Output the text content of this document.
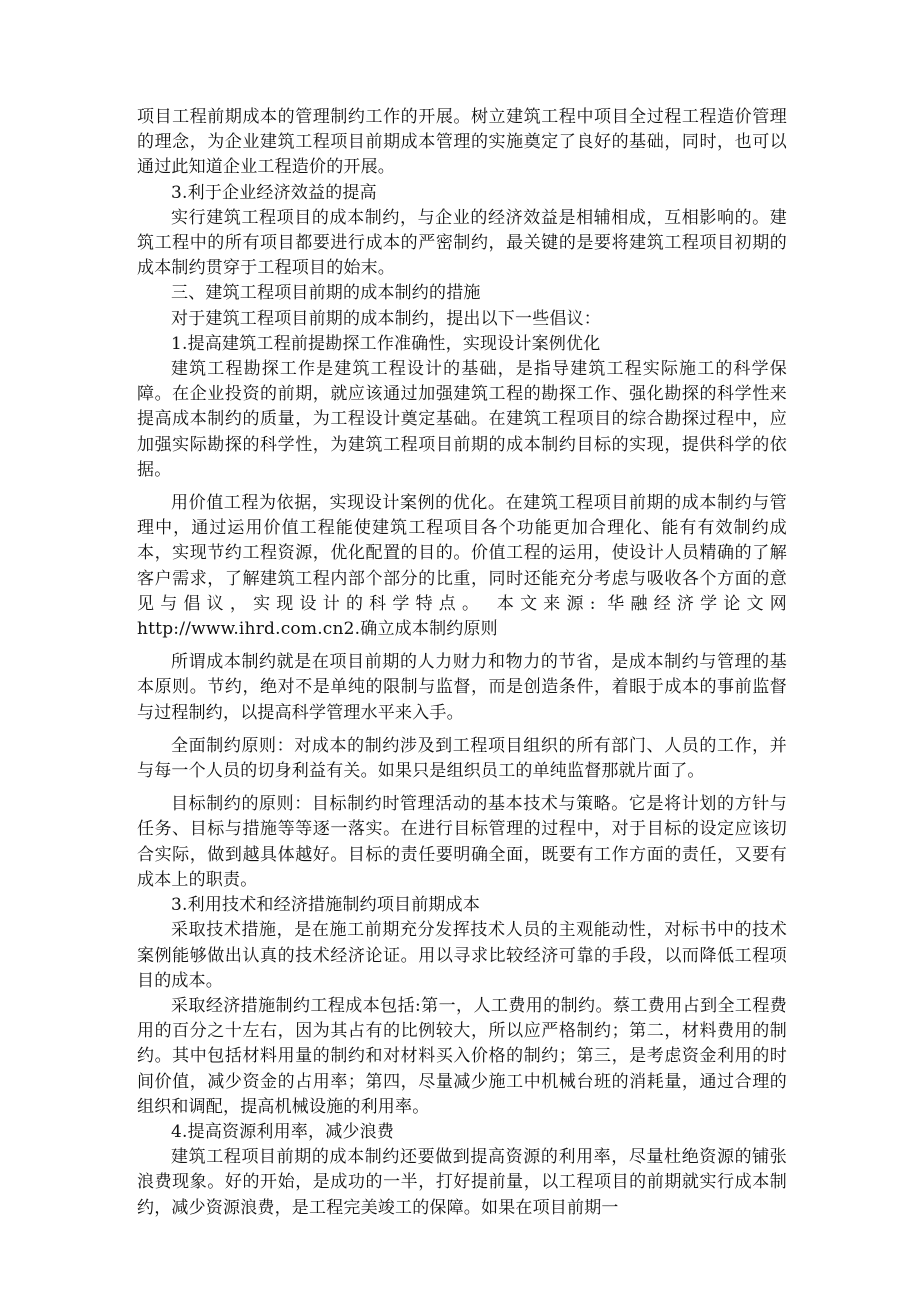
项目工程前期成本的管理制约工作的开展。树立建筑工程中项目全过程工程造价管理的理念，为企业建筑工程项目前期成本管理的实施奠定了良好的基础，同时，也可以通过此知道企业工程造价的开展。

3.利于企业经济效益的提高

实行建筑工程项目的成本制约，与企业的经济效益是相辅相成，互相影响的。建筑工程中的所有项目都要进行成本的严密制约，最关键的是要将建筑工程项目初期的成本制约贯穿于工程项目的始末。

三、建筑工程项目前期的成本制约的措施

对于建筑工程项目前期的成本制约，提出以下一些倡议：

1.提高建筑工程前提勘探工作准确性，实现设计案例优化

建筑工程勘探工作是建筑工程设计的基础，是指导建筑工程实际施工的科学保障。在企业投资的前期，就应该通过加强建筑工程的勘探工作、强化勘探的科学性来提高成本制约的质量，为工程设计奠定基础。在建筑工程项目的综合勘探过程中，应加强实际勘探的科学性，为建筑工程项目前期的成本制约目标的实现，提供科学的依据。

用价值工程为依据，实现设计案例的优化。在建筑工程项目前期的成本制约与管理中，通过运用价值工程能使建筑工程项目各个功能更加合理化、能有有效制约成本，实现节约工程资源，优化配置的目的。价值工程的运用，使设计人员精确的了解客户需求，了解建筑工程内部个部分的比重，同时还能充分考虑与吸收各个方面的意见与倡议，实现设计的科学特点。 本文来源: 华融经济学论文网 http://www.ihrd.com.cn2.确立成本制约原则

所谓成本制约就是在项目前期的人力财力和物力的节省，是成本制约与管理的基本原则。节约，绝对不是单纯的限制与监督，而是创造条件，着眼于成本的事前监督与过程制约，以提高科学管理水平来入手。

全面制约原则：对成本的制约涉及到工程项目组织的所有部门、人员的工作，并与每一个人员的切身利益有关。如果只是组织员工的单纯监督那就片面了。

目标制约的原则：目标制约时管理活动的基本技术与策略。它是将计划的方针与任务、目标与措施等等逐一落实。在进行目标管理的过程中，对于目标的设定应该切合实际，做到越具体越好。目标的责任要明确全面，既要有工作方面的责任，又要有成本上的职责。

3.利用技术和经济措施制约项目前期成本

采取技术措施，是在施工前期充分发挥技术人员的主观能动性，对标书中的技术案例能够做出认真的技术经济论证。用以寻求比较经济可靠的手段，以而降低工程项目的成本。

采取经济措施制约工程成本包括:第一，人工费用的制约。蔡工费用占到全工程费用的百分之十左右，因为其占有的比例较大，所以应严格制约；第二，材料费用的制约。其中包括材料用量的制约和对材料买入价格的制约；第三，是考虑资金利用的时间价值，减少资金的占用率；第四，尽量减少施工中机械台班的消耗量，通过合理的组织和调配，提高机械设施的利用率。

4.提高资源利用率，减少浪费

建筑工程项目前期的成本制约还要做到提高资源的利用率，尽量杜绝资源的铺张浪费现象。好的开始，是成功的一半，打好提前量，以工程项目的前期就实行成本制约，减少资源浪费，是工程完美竣工的保障。如果在项目前期一
